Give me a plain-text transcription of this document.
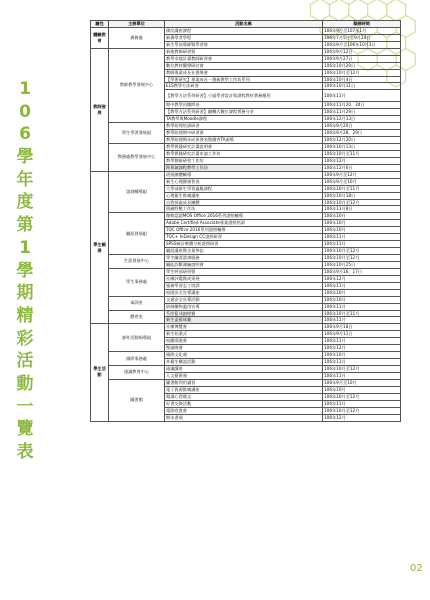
1
0
6
學
年
度
第
1
學
期
精
彩
活
動
一
覽
表
屬性	主辦單位	活動名稱	舉辦時間
體驗教育	僑務處	僑民講座課程	106年9月至107年1月
		新僑學者學程	106年7月5日至9月24日
		新生學前導師暨學習營	106年9月至106年10月3日
教師發展	教師教學發展中心	新進教師研習營	106年9月12日
		教學卓越計畫教師研習會	106年9月27日
		數位教材觀摩研討會	106年10月20日
		教師專業成長社群聚會	106年10月至12月
		【學術研究】專業成長－創新教學工作坊系列	106年10月4日
		ELS教學方法研習	106年10月11日
		【教學方法系列研習】小組學習設計與課程教材實務應用	106年11月
		期中教學回饋問卷	106年11月20、24日
		【教學方法系列研習】翻轉式數位課程實務分享	106年11月29日
		TA教學與Moodle課程	106年12月13日
	學生學習發展組	教學助理培訓研習	106年9月20日
		教學助理期中研習會	106年9月28、29日
		教學助理期末成果發表暨優秀TA頒獎	106年12月20日
	教務處教學發展中心	教學實踐研究計畫說明會	106年10月13日
		教學實踐研究計畫申請工作坊	106年10月至11月
		教學創新研習工作坊	106年12月
		跨領域課程教學工作坊	106年12月6日
學生輔導	諮商輔導組	班級團體輔導	106年9月至12月
		新生心理健康普查	106年9月至10月
		大學部新生學習適應課程	106年10月至11月
		心理衛生推廣講座	106年10月18日
		自我探索成長團體	106年10月至12月
		情緒紓壓工作坊	106年11月8日
	職涯發展組	微軟認證MOS Office 2016系列證照輔導	106年10月
		Adobe Certified Associate專業證照培訓	106年10月
		TQC Office 2016系列證照輔導	106年10月
		TQC+ InDesign CC證照研習	106年11月
		SPSS統計軟體分析證照研習	106年11月
		職涯講座暨企業參訪	106年10月至12月
	生涯發展中心	學生職涯諮詢服務	106年10月至12月
		職能診斷測驗說明會	106年10月25日
	學生事務處	學生幹部研習營	106年9月16、17日
		社團評鑑暨成果展	106年12月
		服務學習志工培訓	106年11月
		校園安全宣導講座	106年10月
	軍訓室	交通安全宣導活動	106年10月
		防制藥物濫用宣導	106年11月
	體育室	系際籃球錦標賽	106年10月至11月
		新生盃排球賽	106年11月
學生活動	課外活動指導組	社團博覽會	106年9月18日
		新生始業式	106年9月11日
		校慶園遊會	106年11月
		聖誕晚會	106年12月
	國際事務處	國際文化週	106年10月
		外籍生聯誼活動	106年11月
	通識教育中心	通識講座	106年10月至12月
		人文藝術週	106年11月
	圖書館	圖書館利用講習	106年9月至10月
		電子資源推廣講座	106年10月
		閱讀心得徵文	106年10月至12月
		好書交換活動	106年11月
		電影欣賞會	106年10月至12月
		期末書展	106年12月
02
